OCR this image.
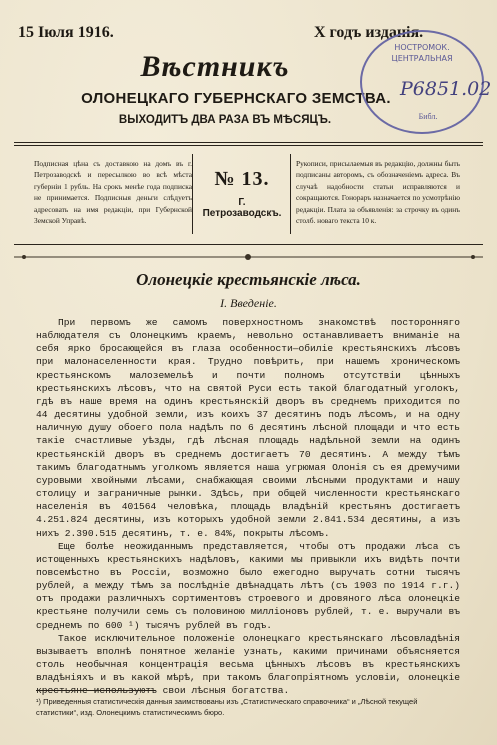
15 Іюля 1916.	Х годъ изданія.
Вѣстникъ
ОЛОНЕЦКАГО ГУБЕРНСКАГО ЗЕМСТВА.
ВЫХОДИТЪ ДВА РАЗА ВЪ МѢСЯЦЪ.
НОСТРОМОК. ЦЕНТРАЛЬНАЯ
P6851.02
Библ.
Подписная цѣна съ доставкою на домъ въ г. Петрозаводскѣ и пересылкою во всѣ мѣста губерніи 1 рубль. На срокъ менѣе года подписка не принимается. Подписныя деньги слѣдуетъ адресовать на имя редакціи, при Губернской Земской Управѣ.
№ 13.
Г. Петрозаводскъ.
Рукописи, присылаемыя въ редакцію, должны быть подписаны авторомъ, съ обозначеніемъ адреса. Въ случаѣ надобности статьи исправляются и сокращаются. Гонораръ назначается по усмотрѣнію редакціи. Плата за объявленія: за строчку въ одинъ столб. новаго текста 10 к.
Олонецкіе крестьянскіе лѣса.
I. Введеніе.

При первомъ же самомъ поверхностномъ знакомствѣ посторонняго наблюдателя съ Олонецкимъ краемъ, невольно останавливаетъ вниманіе на себя ярко бросающейся въ глаза особенности—обиліе крестьянскихъ лѣсовъ при малонаселенности края. Трудно повѣрить, при нашемъ хроническомъ крестьянскомъ малоземельѣ и почти полномъ отсутствіи цѣнныхъ крестьянскихъ лѣсовъ, что на святой Руси есть такой благодатный уголокъ, гдѣ въ наше время на одинъ крестьянскій дворъ въ среднемъ приходится по 44 десятины удобной земли, изъ коихъ 37 десятинъ подъ лѣсомъ, и на одну наличную душу обоего пола надѣлъ по 6 десятинъ лѣсной площади и что есть такіе счастливые уѣзды, гдѣ лѣсная площадь надѣльной земли на одинъ крестьянскій дворъ въ среднемъ достигаетъ 70 десятинъ. А между тѣмъ такимъ благодатнымъ уголкомъ является наша угрюмая Олонія съ ея дремучими суровыми хвойными лѣсами, снабжающая своими лѣсными продуктами и нашу столицу и заграничные рынки. Здѣсь, при общей численности крестьянскаго населенія въ 401564 человѣка, площадь владѣній крестьянъ достигаетъ 4.251.824 десятины, изъ которыхъ удобной земли 2.841.534 десятины, а изъ нихъ 2.390.515 десятинъ, т. е. 84%, покрыты лѣсомъ.

Еще болѣе неожиданнымъ представляется, чтобы отъ продажи лѣса съ истощенныхъ крестьянскихъ надѣловъ, какими мы привыкли ихъ видѣть почти повсемѣстно въ Россіи, возможно было ежегодно выручать сотни тысячъ рублей, а между тѣмъ за послѣдніе двѣнадцать лѣтъ (съ 1903 по 1914 г.г.) отъ продажи различныхъ сортиментовъ строевого и дровяного лѣса олонецкіе крестьяне получили семь съ половиною милліоновъ рублей, т. е. выручали въ среднемъ по 600 ¹) тысячъ рублей въ годъ.

Такое исключительное положеніе олонецкаго крестьянскаго лѣсовладѣнія вызываетъ вполнѣ понятное желаніе узнать, какими причинами объясняется столь необычная концентрація весьма цѣнныхъ лѣсовъ въ крестьянскихъ владѣніяхъ и въ какой мѣрѣ, при такомъ благопріятномъ условіи, олонецкіе крестьяне используютъ свои лѣсныя богатства.

¹) Приведенныя статистическія данныя заимствованы изъ „Статистическаго справочника“ и „Лѣсной текущей статистики“, изд. Олонецкимъ статистическимъ бюро.
